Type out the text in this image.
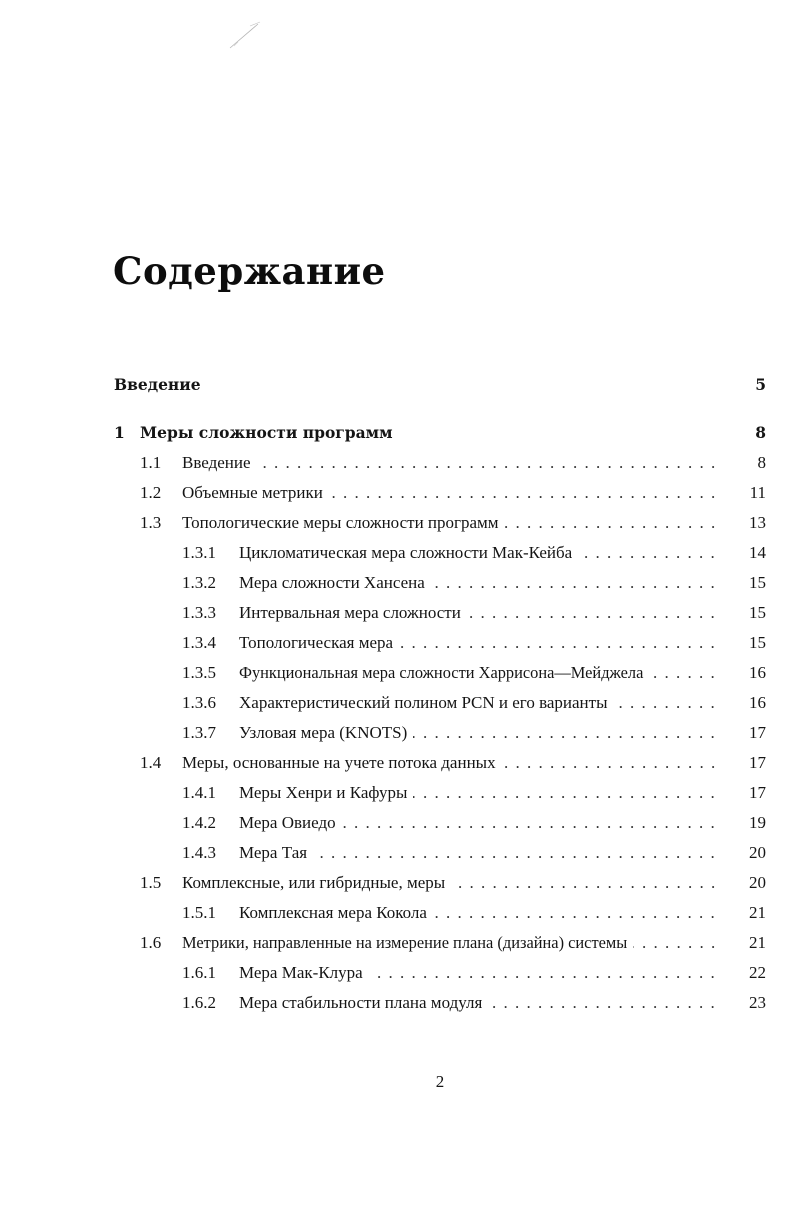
Содержание
Введение	5
1 Меры сложности программ	8
1.1 Введение . . .	8
1.2 Объемные метрики . . .	11
1.3 Топологические меры сложности программ . . .	13
1.3.1 Цикломатическая мера сложности Мак-Кейба . . .	14
1.3.2 Мера сложности Хансена . . .	15
1.3.3 Интервальная мера сложности . . .	15
1.3.4 Топологическая мера . . .	15
1.3.5 Функциональная мера сложности Харрисона—Мейджела . . .	16
1.3.6 Характеристический полином PCN и его варианты . . .	16
1.3.7 Узловая мера (KNOTS) . . .	17
1.4 Меры, основанные на учете потока данных . . .	17
1.4.1 Меры Хенри и Кафуры . . .	17
1.4.2 Мера Овиедо . . .	19
1.4.3 Мера Тая . . .	20
1.5 Комплексные, или гибридные, меры . . .	20
1.5.1 Комплексная мера Кокола . . .	21
1.6 Метрики, направленные на измерение плана (дизайна) системы . . .	21
1.6.1 Мера Мак-Клура . . .	22
1.6.2 Мера стабильности плана модуля . . .	23
2
